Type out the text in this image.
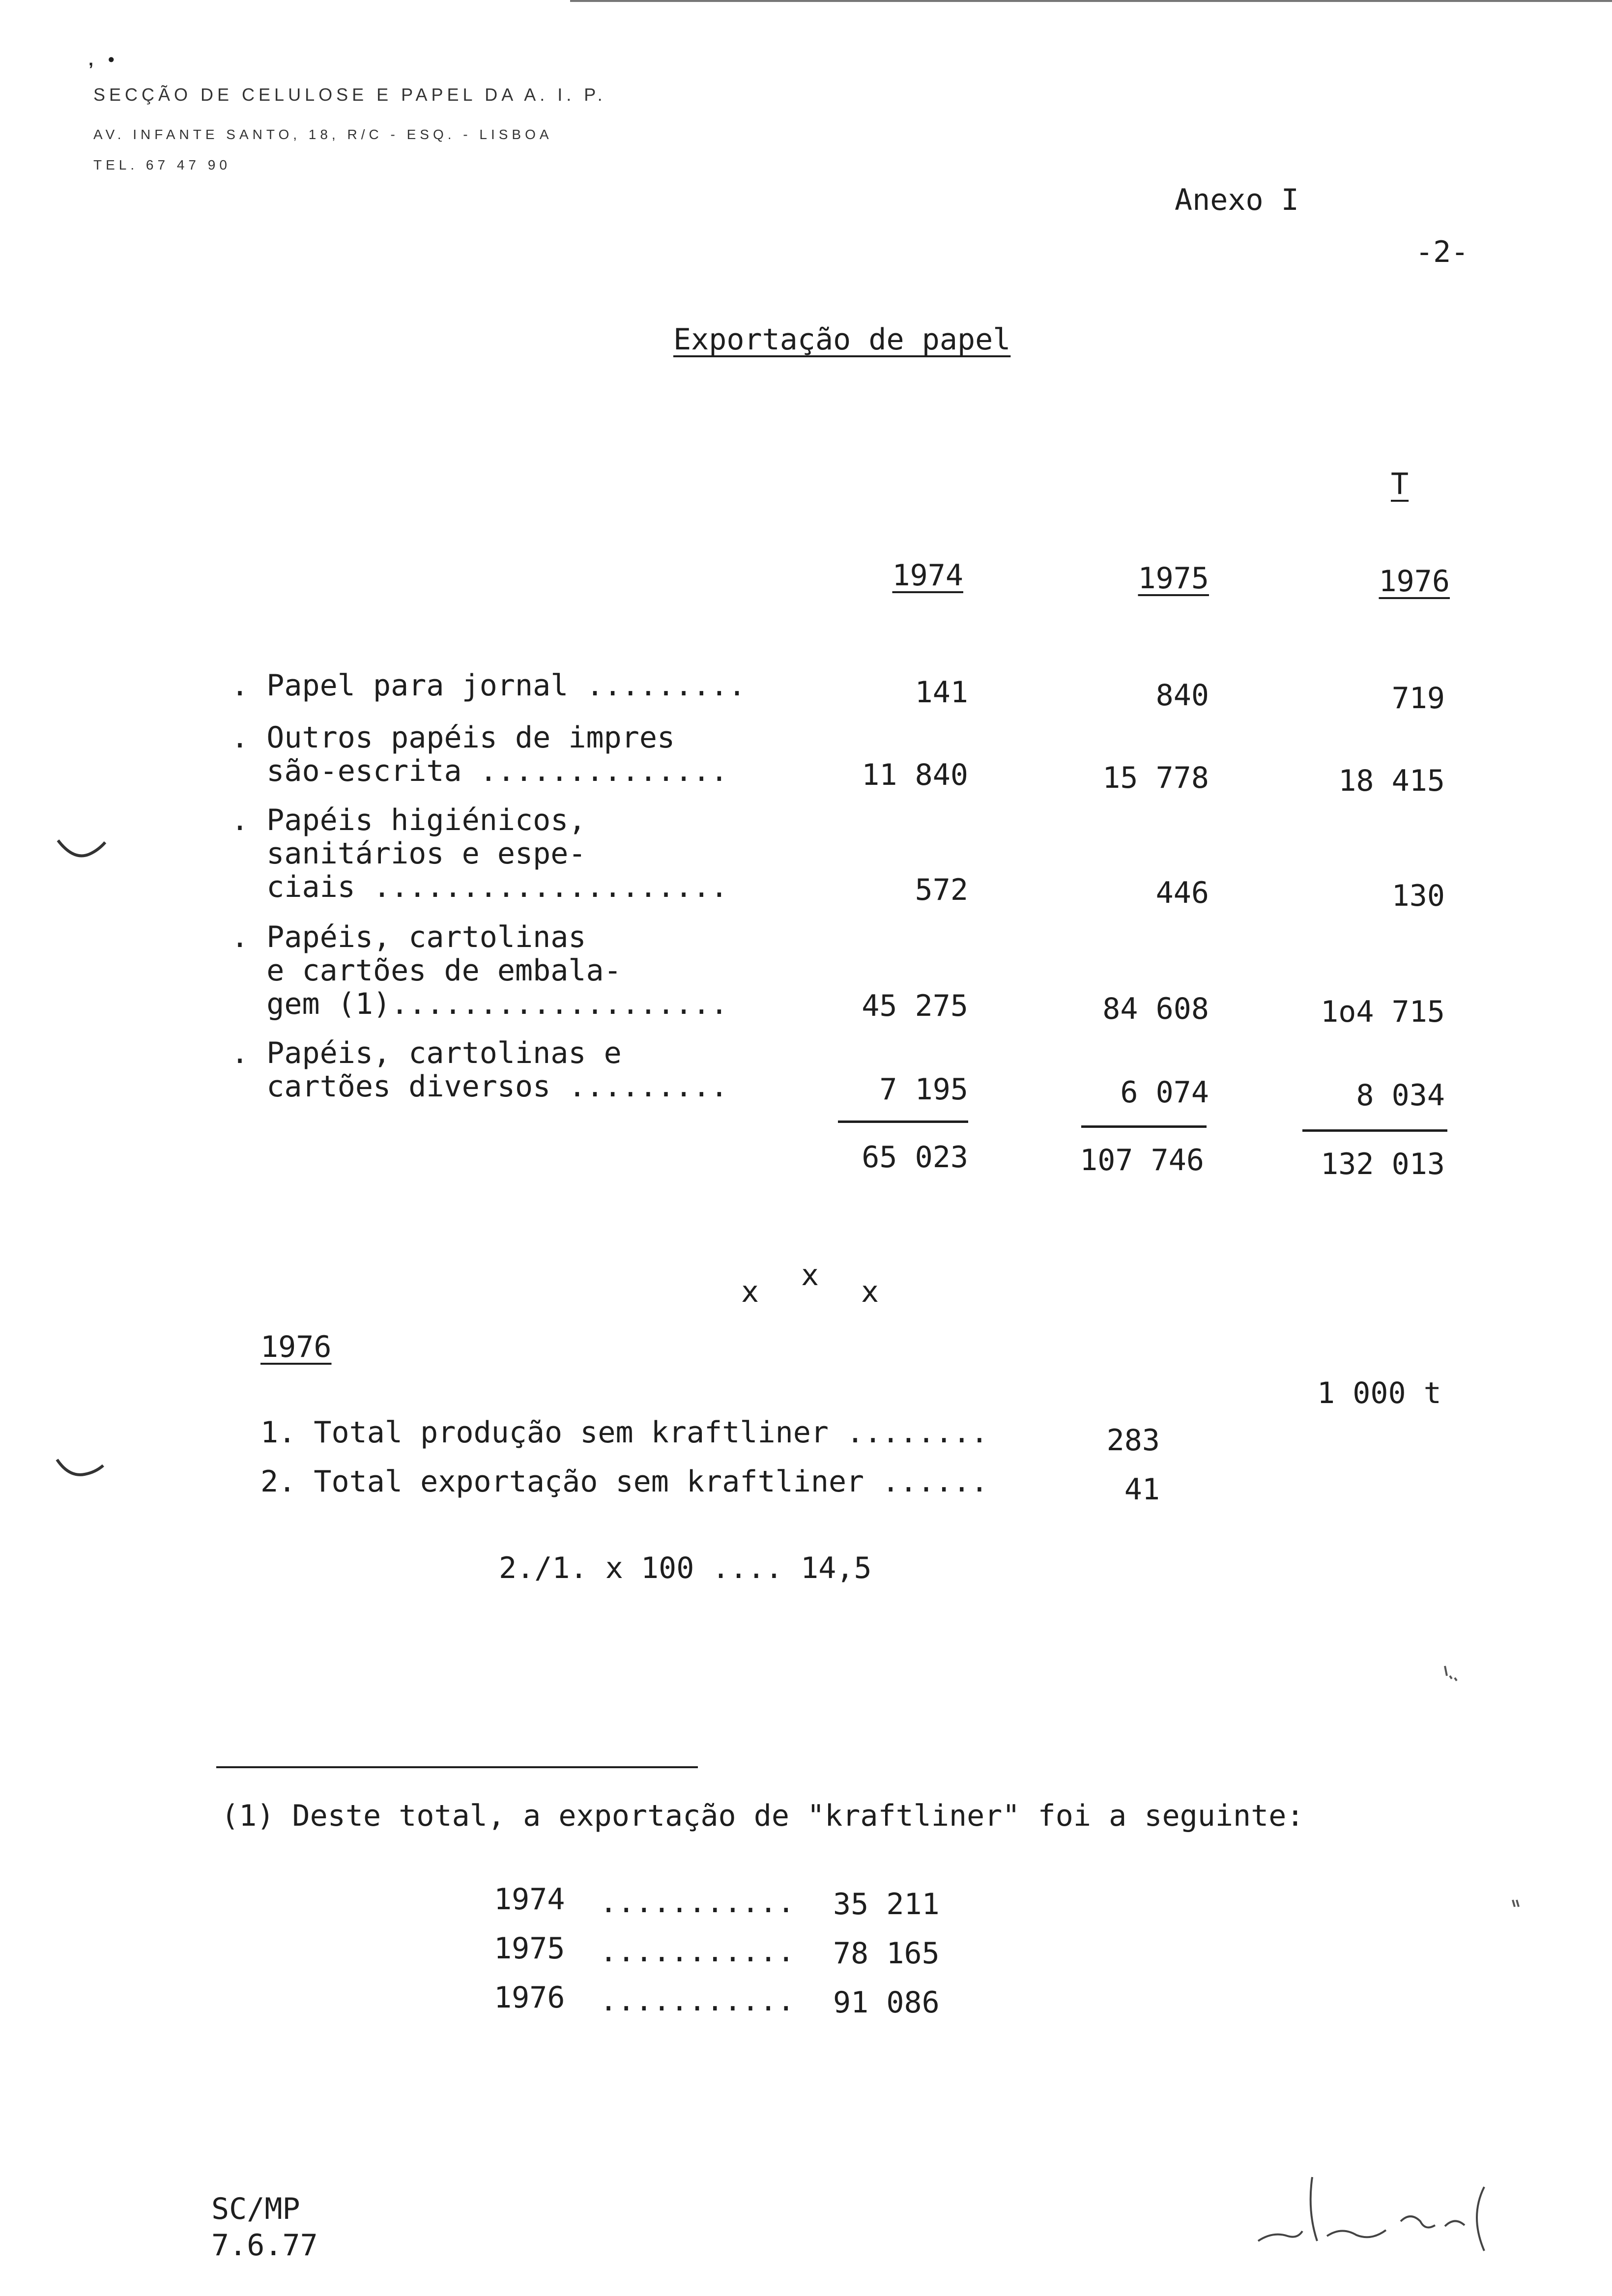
,   •
SECÇÃO DE CELULOSE E PAPEL DA A. I. P.
AV. INFANTE SANTO, 18, R/C - ESQ. - LISBOA
TEL. 67 47 90
Anexo I
-2-
Exportação de papel
T
1974	1975	1976
. Papel para jornal .........	141	840	719
. Outros papéis de impres
são-escrita ..............	11 840	15 778	18 415
. Papéis higiénicos,
sanitários e espe-
ciais ....................	572	446	130
. Papéis, cartolinas
e cartões de embala-
gem (1)...................	45 275	84 608	1o4 715
. Papéis, cartolinas e
cartões diversos .........	7 195	6 074	8 034
65 023	107 746	132 013
x x x
1976
1 000 t
1. Total produção sem kraftliner ........	283
2. Total exportação sem kraftliner ......	41
2./1. x 100 .... 14,5
(1) Deste total, a exportação de "kraftliner" foi a seguinte:
1974 ........... 35 211
1975 ........... 78 165
1976 ........... 91 086
SC/MP
7.6.77
